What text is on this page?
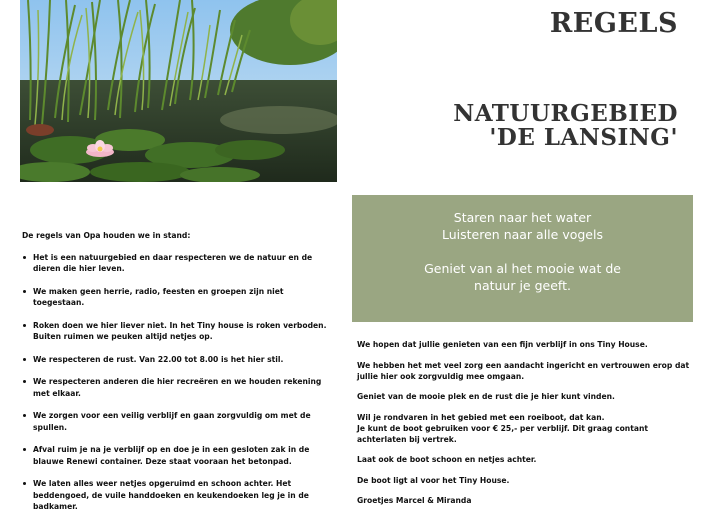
REGELS
NATUURGEBIED
'DE LANSING'

Staren naar het water

Luisteren naar alle vogels

Geniet van al het mooie wat de

natuur je geeft.

De regels van Opa houden we in stand:

Het is een natuurgebied en daar respecteren we de natuur en de dieren die hier leven.
We maken geen herrie, radio, feesten en groepen zijn niet toegestaan.
Roken doen we hier liever niet. In het Tiny house is roken verboden. Buiten ruimen we peuken altijd netjes op.
We respecteren de rust. Van 22.00 tot 8.00 is het hier stil.
We respecteren anderen die hier recreëren en we houden rekening met elkaar.
We zorgen voor een veilig verblijf en gaan zorgvuldig om met de spullen.
Afval ruim je na je verblijf op en doe je in een gesloten zak in de blauwe Renewi container. Deze staat vooraan het betonpad.
We laten alles weer netjes opgeruimd en schoon achter. Het beddengoed, de vuile handdoeken en keukendoeken leg je in de badkamer.

We hopen dat jullie genieten van een fijn verblijf in ons Tiny House.

We hebben het met veel zorg een aandacht ingericht en vertrouwen erop dat jullie hier ook zorgvuldig mee omgaan.

Geniet van de mooie plek en de rust die je hier kunt vinden.

Wil je rondvaren in het gebied met een roeiboot, dat kan.
Je kunt de boot gebruiken voor € 25,- per verblijf. Dit graag contant achterlaten bij vertrek.

Laat ook de boot schoon en netjes achter.

De boot ligt al voor het Tiny House.

Groetjes Marcel & Miranda
